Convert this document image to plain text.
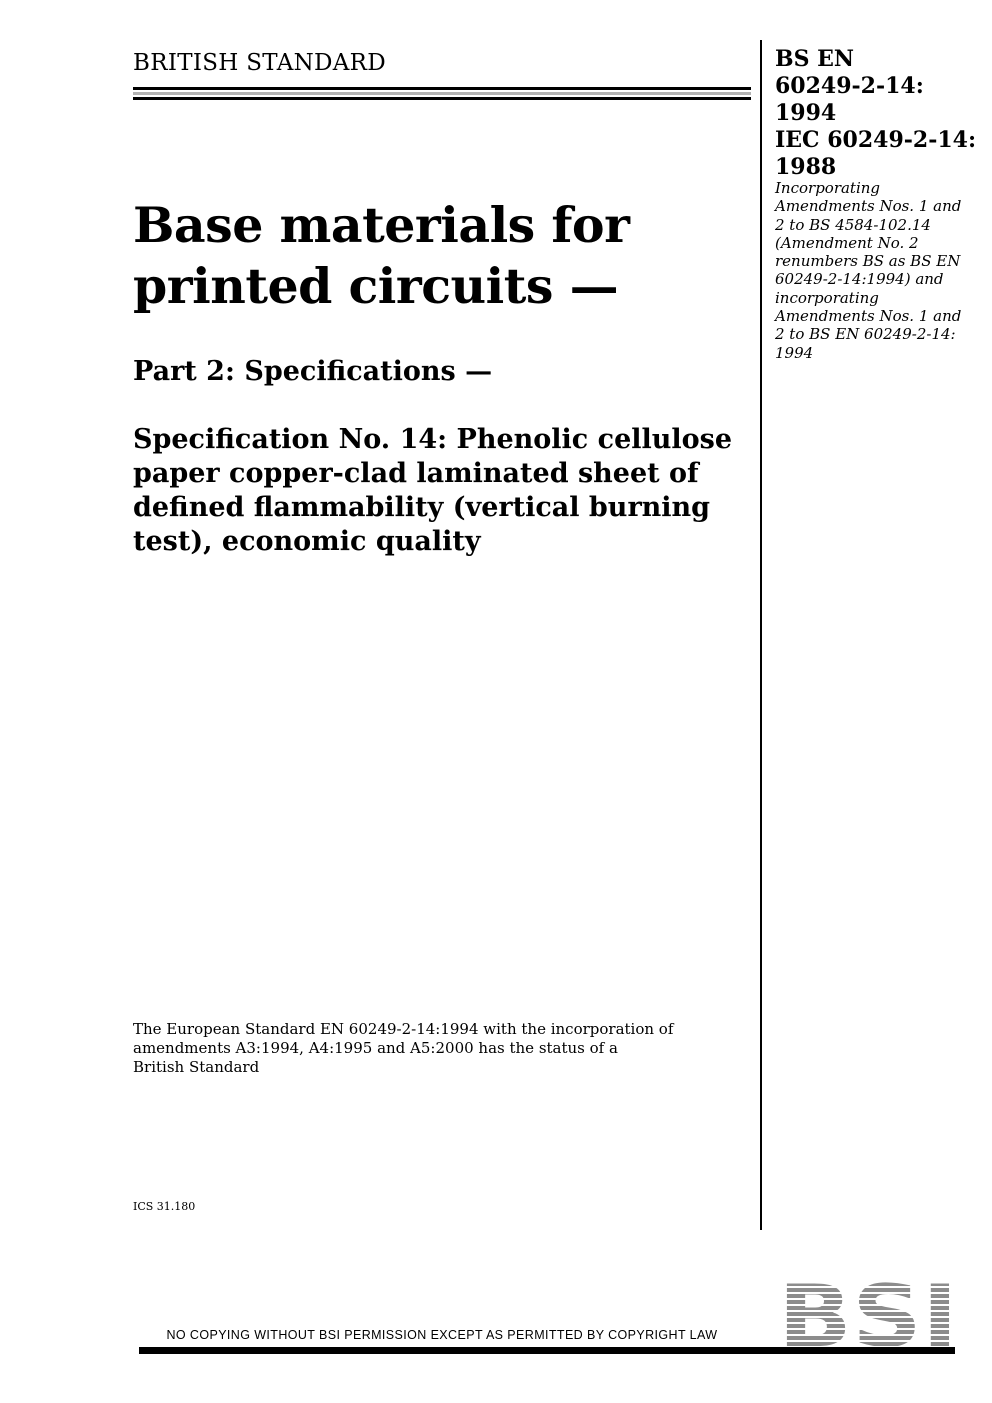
BRITISH STANDARD	BS EN
60249-2-14:
1994
IEC 60249-2-14:
1988

Incorporating Amendments Nos. 1 and 2 to BS 4584-102.14 (Amendment No. 2 renumbers BS as BS EN 60249-2-14:1994) and incorporating Amendments Nos. 1 and 2 to BS EN 60249-2-14: 1994

Base materials for
printed circuits —
Part 2: Specifications —
Specification No. 14: Phenolic cellulose
paper copper-clad laminated sheet of
defined flammability (vertical burning
test), economic quality

The European Standard EN 60249-2-14:1994 with the incorporation of
amendments A3:1994, A4:1995 and A5:2000 has the status of a
British Standard

ICS 31.180
NO COPYING WITHOUT BSI PERMISSION EXCEPT AS PERMITTED BY COPYRIGHT LAW
